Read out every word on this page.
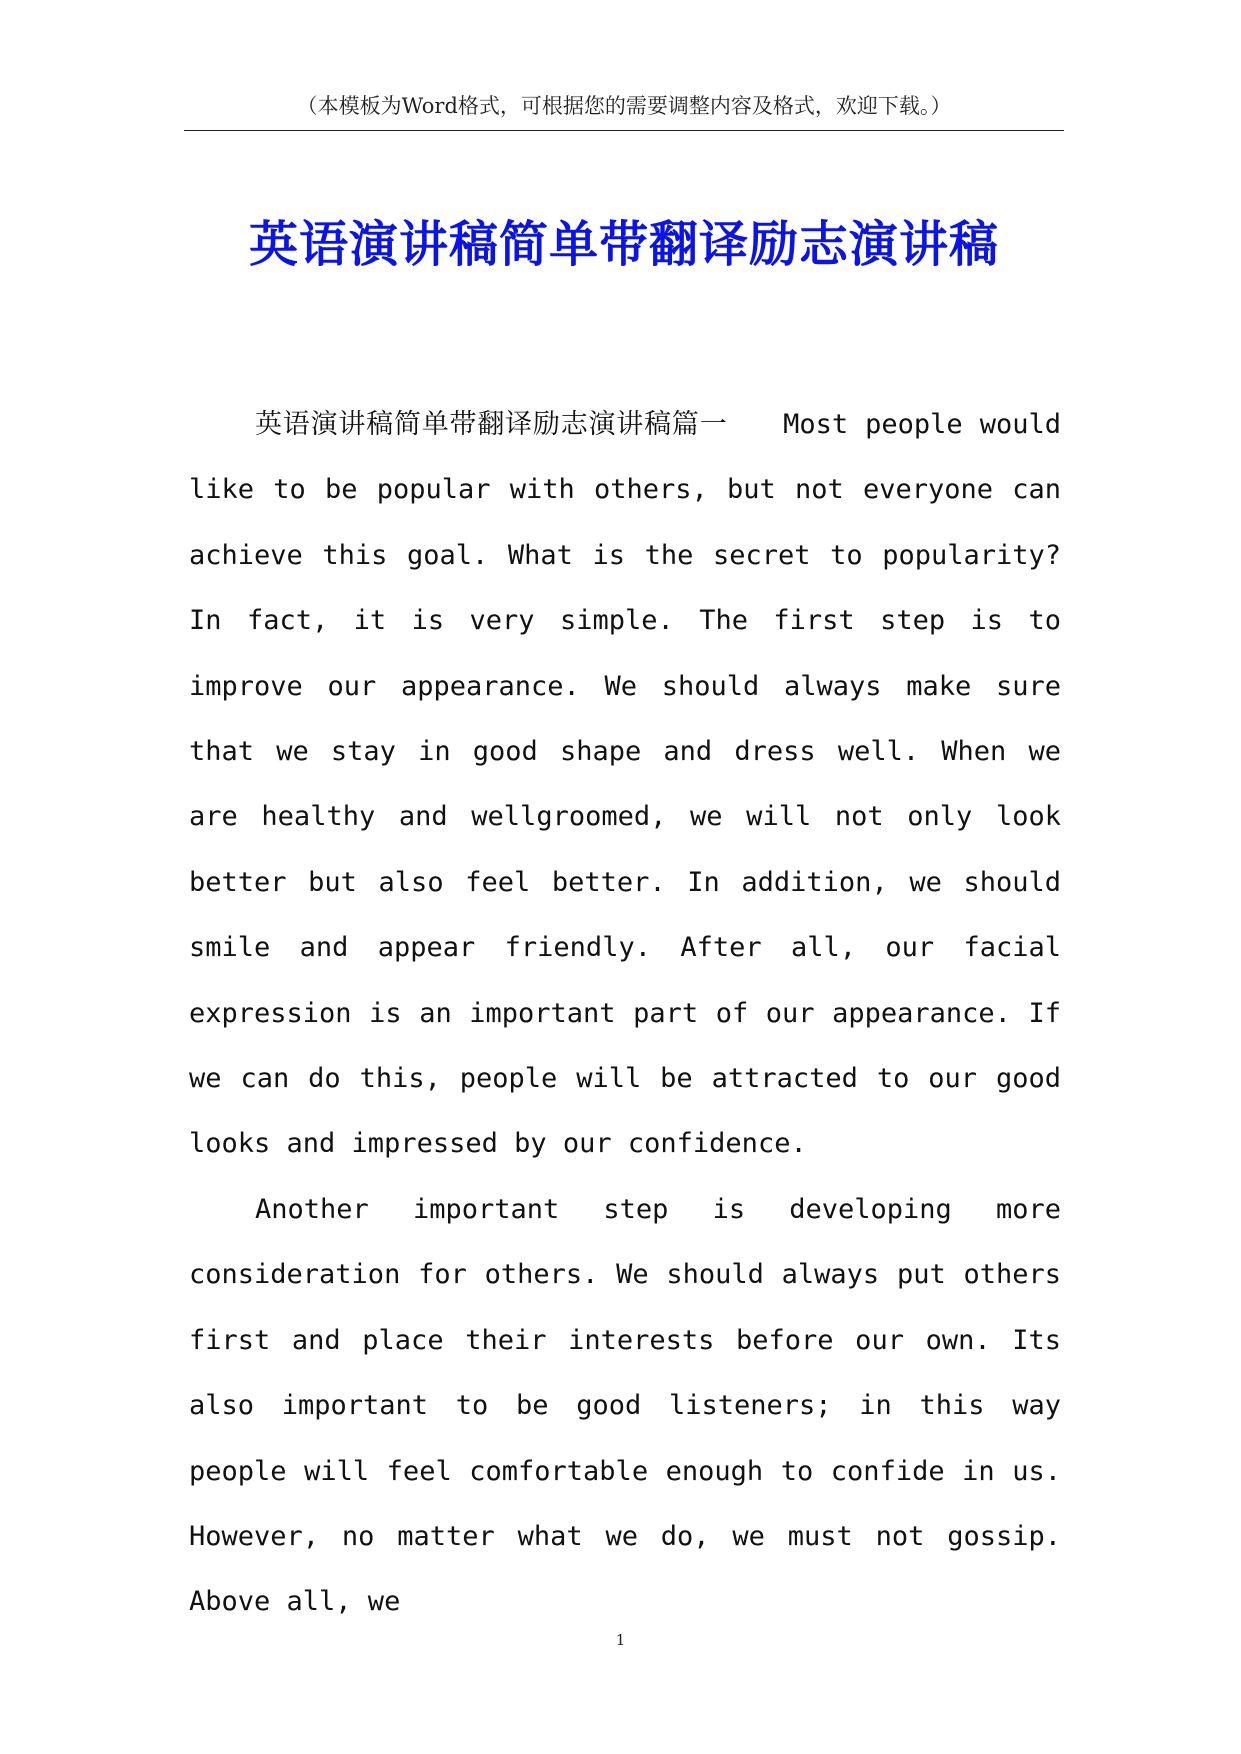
（本模板为Word格式，可根据您的需要调整内容及格式，欢迎下载。）
英语演讲稿简单带翻译励志演讲稿

英语演讲稿简单带翻译励志演讲稿篇一　　Most people would like to be popular with others, but not everyone can achieve this goal. What is the secret to popularity? In fact, it is very simple. The first step is to improve our appearance. We should always make sure that we stay in good shape and dress well. When we are healthy and wellgroomed, we will not only look better but also feel better. In addition, we should smile and appear friendly. After all, our facial expression is an important part of our appearance. If we can do this, people will be attracted to our good looks and impressed by our confidence.

Another important step is developing more consideration for others. We should always put others first and place their interests before our own. Its also important to be good listeners; in this way people will feel comfortable enough to confide in us. However, no matter what we do, we must not gossip. Above all, we

1
